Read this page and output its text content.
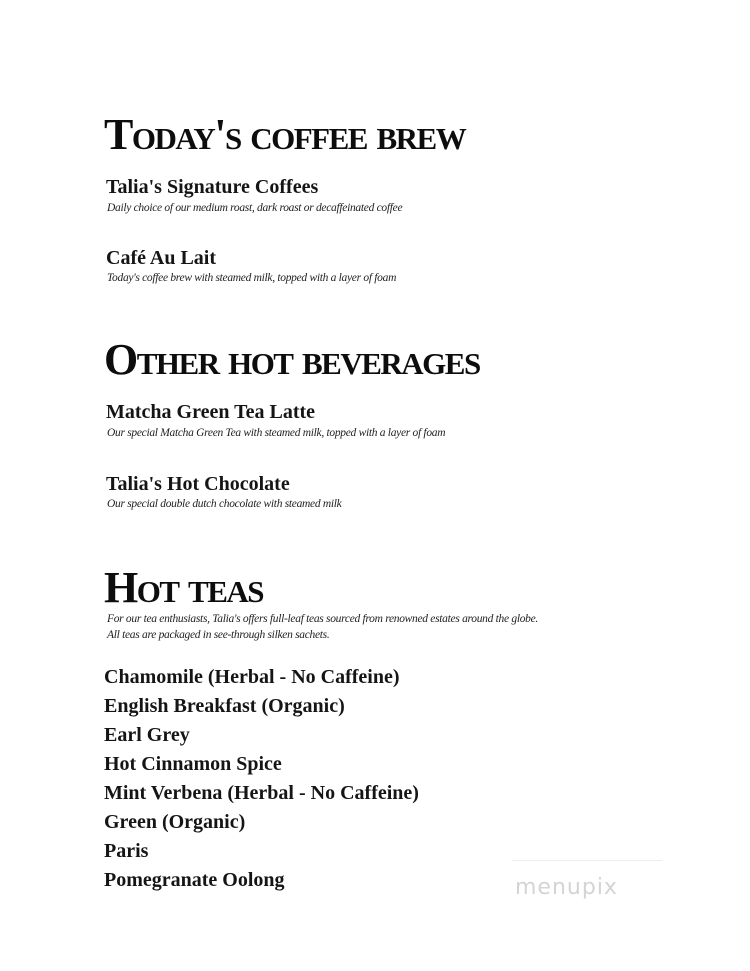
Today's coffee brew
Talia's Signature Coffees
Daily choice of our medium roast, dark roast or decaffeinated coffee
Café Au Lait
Today's coffee brew with steamed milk, topped with a layer of foam
Other hot beverages
Matcha Green Tea Latte
Our special Matcha Green Tea with steamed milk, topped with a layer of foam
Talia's Hot Chocolate
Our special double dutch chocolate with steamed milk
Hot teas
For our tea enthusiasts, Talia's offers full-leaf teas sourced from renowned estates around the globe.
All teas are packaged in see-through silken sachets.
Chamomile (Herbal - No Caffeine)
English Breakfast (Organic)
Earl Grey
Hot Cinnamon Spice
Mint Verbena (Herbal - No Caffeine)
Green (Organic)
Paris
Pomegranate Oolong	menupix
